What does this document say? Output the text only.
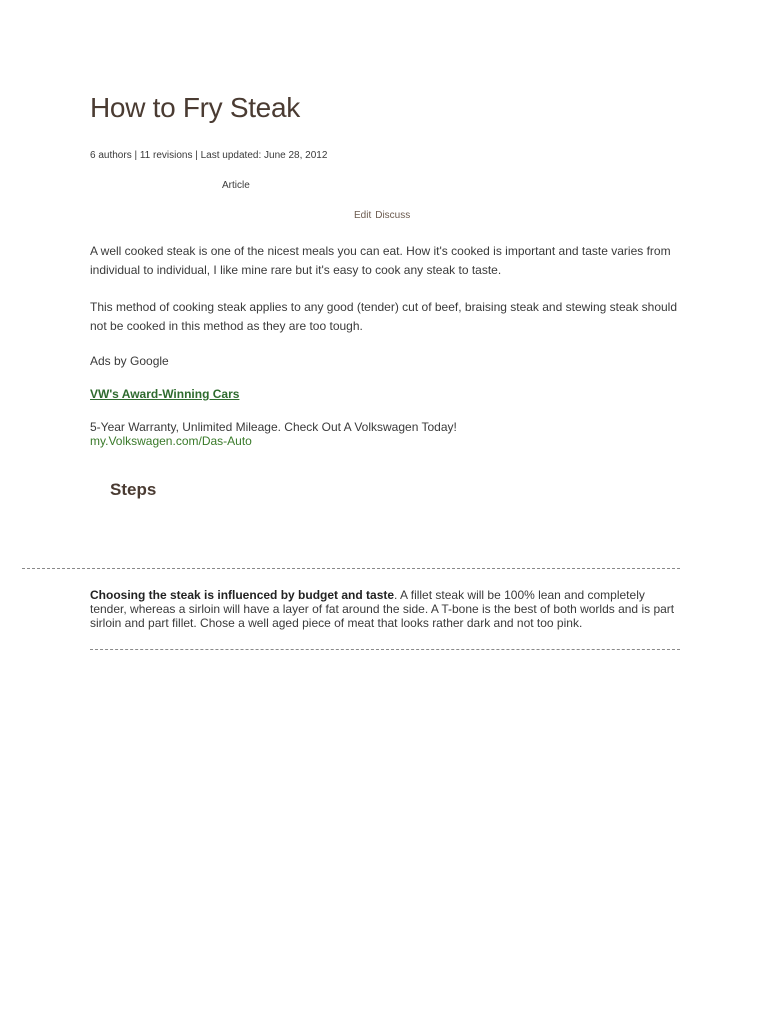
How to Fry Steak
6 authors | 11 revisions | Last updated: June 28, 2012
Article
Edit Discuss

A well cooked steak is one of the nicest meals you can eat. How it's cooked is important and taste varies from individual to individual, I like mine rare but it's easy to cook any steak to taste.

This method of cooking steak applies to any good (tender) cut of beef, braising steak and stewing steak should not be cooked in this method as they are too tough.

Ads by Google
VW's Award-Winning Cars
5-Year Warranty, Unlimited Mileage. Check Out A Volkswagen Today!
my.Volkswagen.com/Das-Auto
Steps

Choosing the steak is influenced by budget and taste. A fillet steak will be 100% lean and completely tender, whereas a sirloin will have a layer of fat around the side. A T-bone is the best of both worlds and is part sirloin and part fillet. Chose a well aged piece of meat that looks rather dark and not too pink.
